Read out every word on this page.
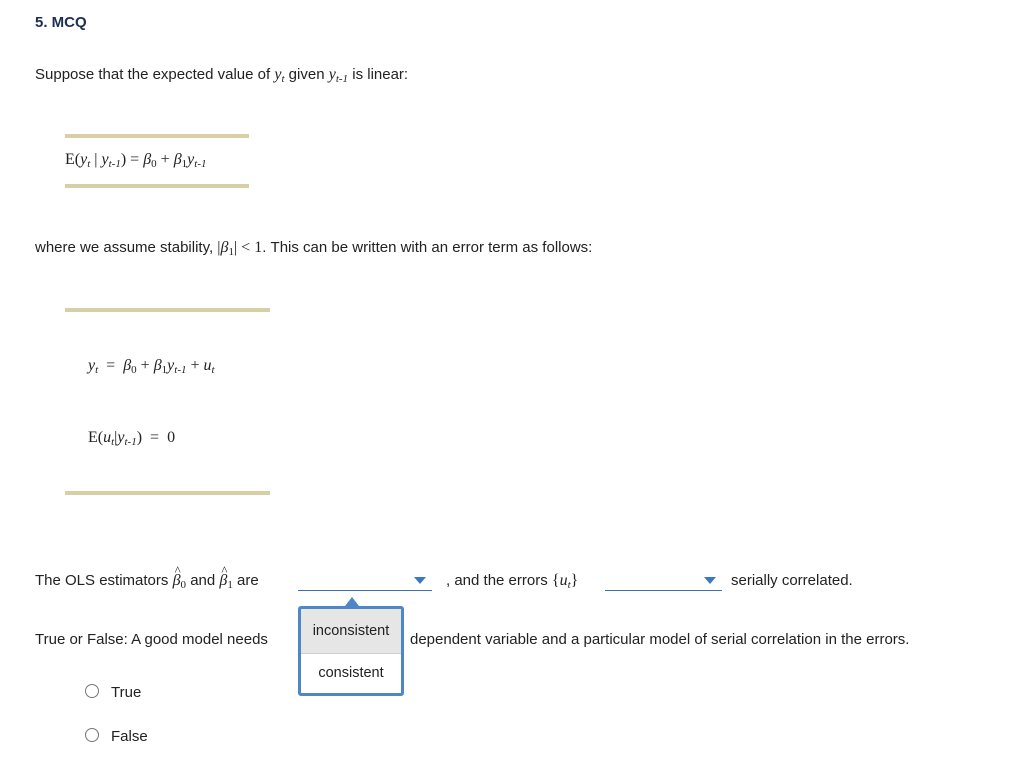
5. MCQ
Suppose that the expected value of $y_t$ given $y_{t-1}$ is linear:
$E(y_t$ | $y_{t-1}) = \beta_0 + \beta_1y_{t-1}$
where we assume stability, $|\beta_1| < 1$. This can be written with an error term as follows:
$y_t = \beta_0 + \beta_1y_{t-1} + u_t$
$E(u_t|y_{t-1}) = 0$
The OLS estimators ^ $\beta_0$ and ^ $\beta_1$ are	, and the errors $\{u_t\}$	serially correlated.
True or False: A good model needs	dependent variable and a particular model of serial correlation in the errors.
inconsistent
consistent
True
False
